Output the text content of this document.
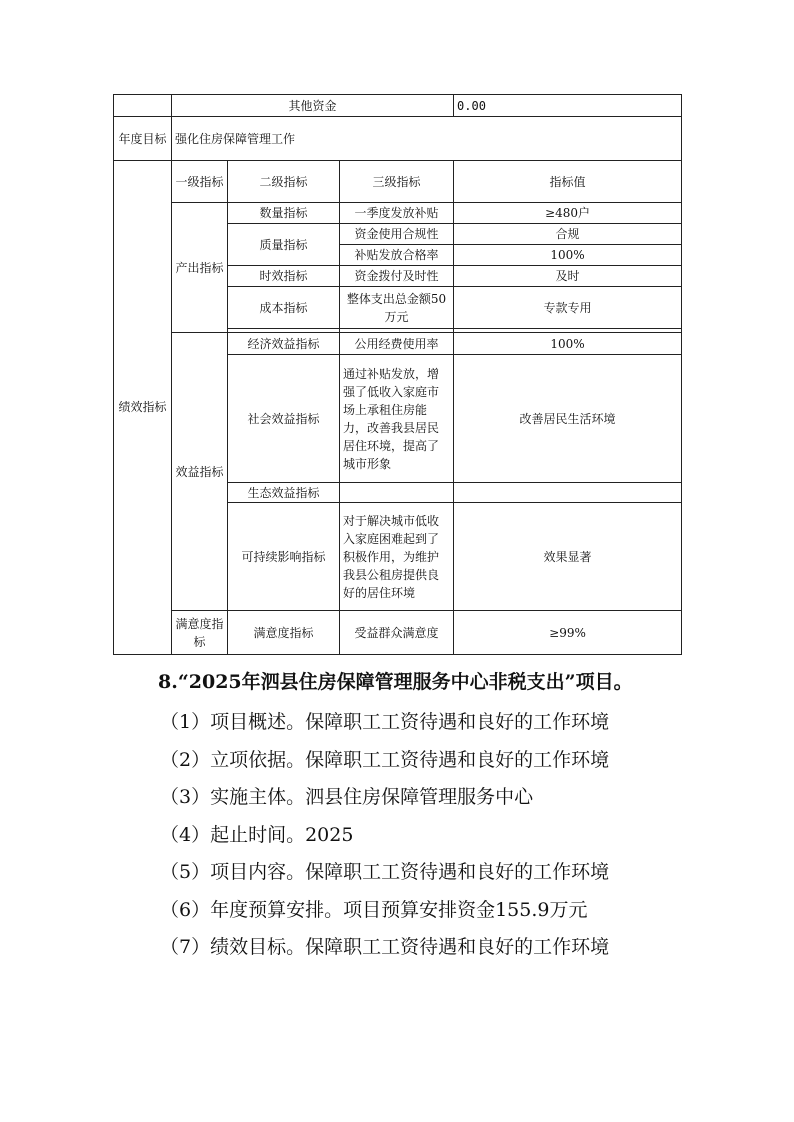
	其他资金			0.00
年度目标	强化住房保障管理工作			
绩效指标	一级指标	二级指标	三级指标	指标值
	产出指标	数量指标	一季度发放补贴	≥480户
		质量指标	资金使用合规性	合规
			补贴发放合格率	100%
		时效指标	资金拨付及时性	及时
		成本指标	整体支出总金额50万元	专款专用

	效益指标	经济效益指标	公用经费使用率	100%
		社会效益指标	通过补贴发放，增强了低收入家庭市场上承租住房能力，改善我县居民居住环境，提高了城市形象	改善居民生活环境
		生态效益指标		
		可持续影响指标	对于解决城市低收入家庭困难起到了积极作用，为维护我县公租房提供良好的居住环境	效果显著
	满意度指标	满意度指标	受益群众满意度	≥99%
8.“2025年泗县住房保障管理服务中心非税支出”项目。
（1）项目概述。保障职工工资待遇和良好的工作环境
（2）立项依据。保障职工工资待遇和良好的工作环境
（3）实施主体。泗县住房保障管理服务中心
（4）起止时间。2025
（5）项目内容。保障职工工资待遇和良好的工作环境
（6）年度预算安排。项目预算安排资金155.9万元
（7）绩效目标。保障职工工资待遇和良好的工作环境
